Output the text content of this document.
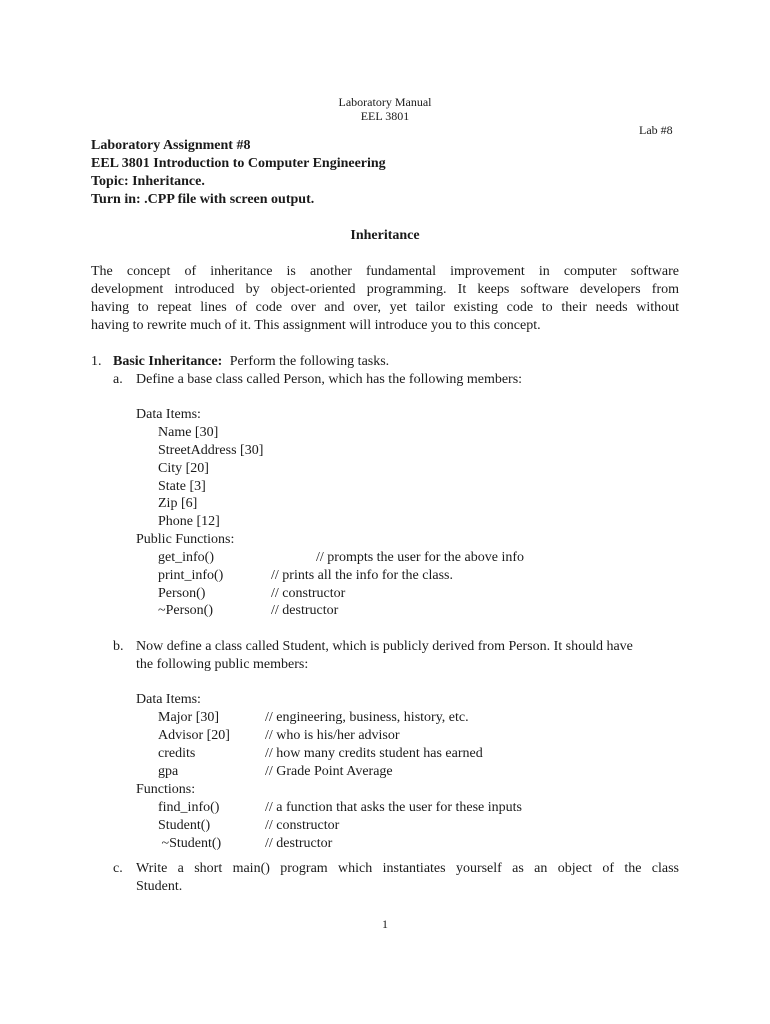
Laboratory Manual
EEL 3801
Lab #8
Laboratory Assignment #8
EEL 3801 Introduction to Computer Engineering
Topic: Inheritance.
Turn in: .CPP file with screen output.
Inheritance
The concept of inheritance is another fundamental improvement in computer software
development introduced by object-oriented programming. It keeps software developers from
having to repeat lines of code over and over, yet tailor existing code to their needs without
having to rewrite much of it. This assignment will introduce you to this concept.
1. Basic Inheritance: Perform the following tasks.
a. Define a base class called Person, which has the following members:
Data Items:
Name [30]
StreetAddress [30]
City [20]
State [3]
Zip [6]
Phone [12]
Public Functions:
get_info()	// prompts the user for the above info
print_info()	// prints all the info for the class.
Person()	// constructor
~Person()	// destructor
b. Now define a class called Student, which is publicly derived from Person. It should have
the following public members:
Data Items:
Major [30]	// engineering, business, history, etc.
Advisor [20]	// who is his/her advisor
credits	// how many credits student has earned
gpa	// Grade Point Average
Functions:
find_info()	// a function that asks the user for these inputs
Student()	// constructor
~Student()	// destructor
c. Write a short main() program which instantiates yourself as an object of the class
Student.
1
